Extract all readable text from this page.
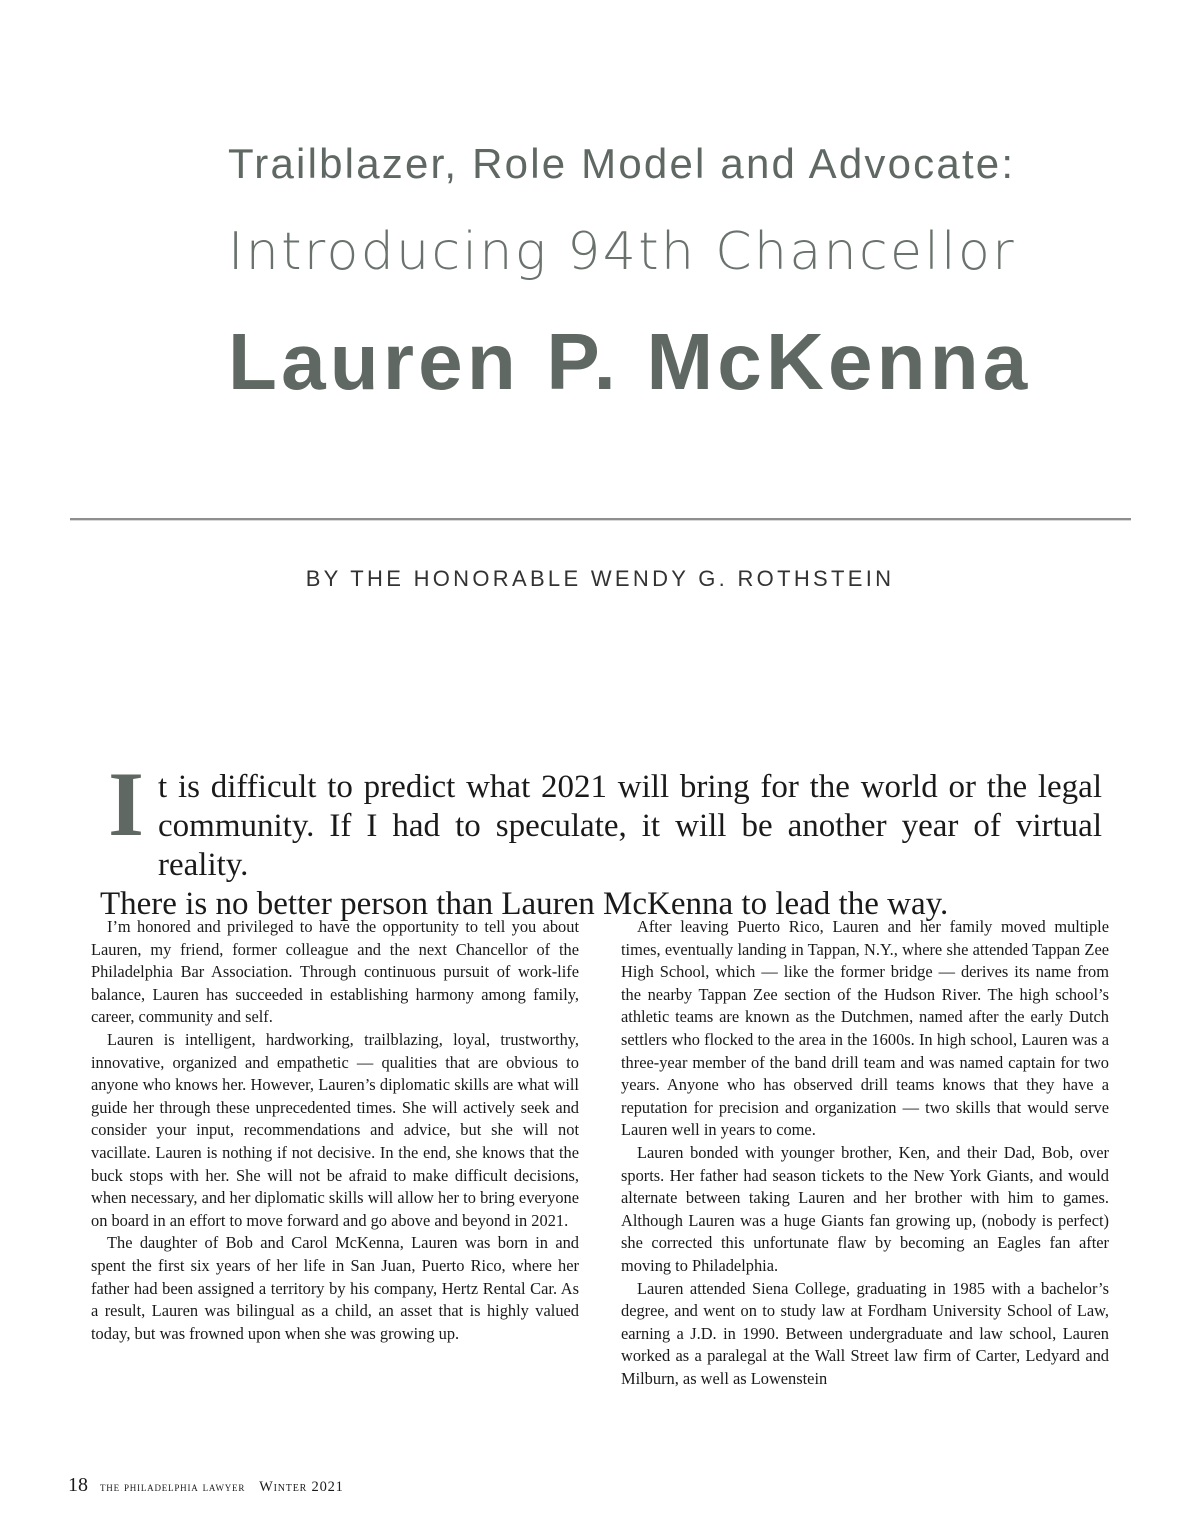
Trailblazer, Role Model and Advocate:
Introducing 94th Chancellor
Lauren P. McKenna
BY THE HONORABLE WENDY G. ROTHSTEIN
I t is difficult to predict what 2021 will bring for the world or the legal
community. If I had to speculate, it will be another year of virtual reality.
There is no better person than Lauren McKenna to lead the way.

I’m honored and privileged to have the opportunity to tell you about Lauren, my friend, former colleague and the next Chancellor of the Philadelphia Bar Association. Through continuous pursuit of work-life balance, Lauren has succeeded in establishing harmony among family, career, community and self.

Lauren is intelligent, hardworking, trailblazing, loyal, trustworthy, innovative, organized and empathetic — qualities that are obvious to anyone who knows her. However, Lauren’s diplomatic skills are what will guide her through these unprecedented times. She will actively seek and consider your input, recommendations and advice, but she will not vacillate. Lauren is nothing if not decisive. In the end, she knows that the buck stops with her. She will not be afraid to make difficult decisions, when necessary, and her diplomatic skills will allow her to bring everyone on board in an effort to move forward and go above and beyond in 2021.

The daughter of Bob and Carol McKenna, Lauren was born in and spent the first six years of her life in San Juan, Puerto Rico, where her father had been assigned a territory by his company, Hertz Rental Car. As a result, Lauren was bilingual as a child, an asset that is highly valued today, but was frowned upon when she was growing up.

After leaving Puerto Rico, Lauren and her family moved multiple times, eventually landing in Tappan, N.Y., where she attended Tappan Zee High School, which — like the former bridge — derives its name from the nearby Tappan Zee section of the Hudson River. The high school’s athletic teams are known as the Dutchmen, named after the early Dutch settlers who flocked to the area in the 1600s. In high school, Lauren was a three-year member of the band drill team and was named captain for two years. Anyone who has observed drill teams knows that they have a reputation for precision and organization — two skills that would serve Lauren well in years to come.

Lauren bonded with younger brother, Ken, and their Dad, Bob, over sports. Her father had season tickets to the New York Giants, and would alternate between taking Lauren and her brother with him to games. Although Lauren was a huge Giants fan growing up, (nobody is perfect) she corrected this unfortunate flaw by becoming an Eagles fan after moving to Philadelphia.

Lauren attended Siena College, graduating in 1985 with a bachelor’s degree, and went on to study law at Fordham University School of Law, earning a J.D. in 1990. Between undergraduate and law school, Lauren worked as a paralegal at the Wall Street law firm of Carter, Ledyard and Milburn, as well as Lowenstein

18 the philadelphia lawyer Winter 2021
